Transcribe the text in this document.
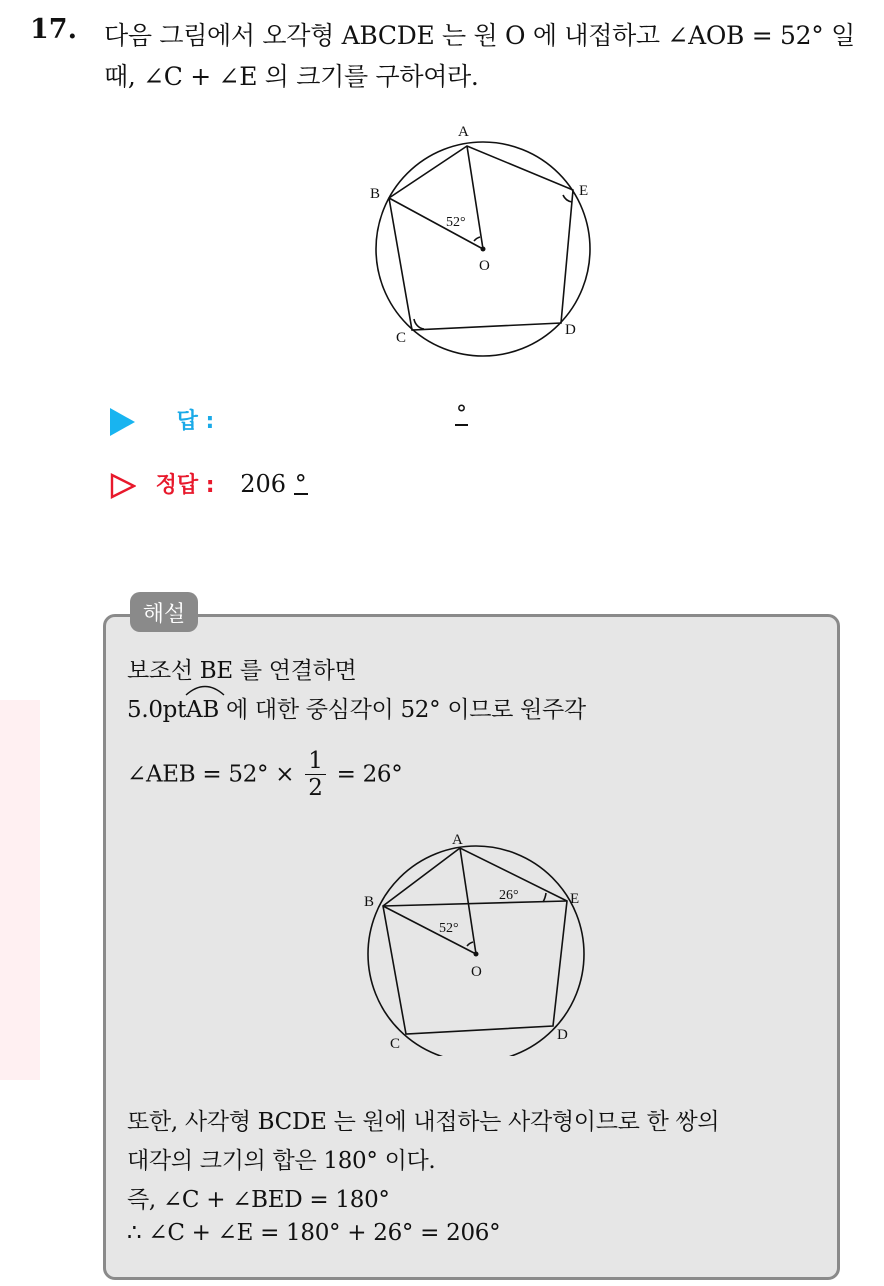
17. 다음 그림에서 오각형 ABCDE 는 원 O 에 내접하고 ∠AOB = 52° 일
때, ∠C + ∠E 의 크기를 구하여라.
A
B
C	D
E
O
52°
답 :	°
정답 : 206 °
해설
보조선 BE 를 연결하면
5.0ptAB 에 대한 중심각이 52° 이므로 원주각
∠AEB = $52^\circ \times \frac{1}{2} = 26^\circ$
A
B
C
D
E
O
52°
26°
또한, 사각형 BCDE 는 원에 내접하는 사각형이므로 한 쌍의
대각의 크기의 합은 180° 이다.
즉, ∠C + ∠BED = 180°
∴ ∠C + ∠E = 180° + 26° = 206°
